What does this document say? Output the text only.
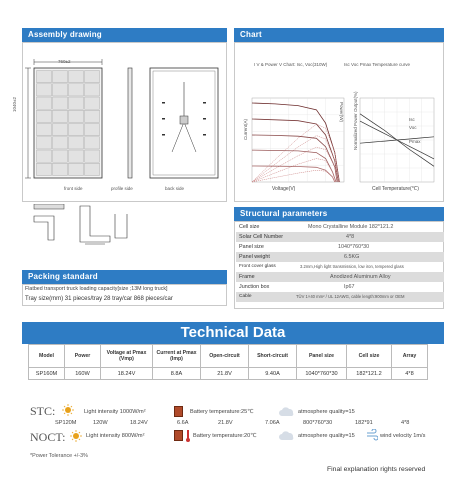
Assembly drawing
760±2
1040±2
front side	profile side	back side
Chart
I V & Power V Chart: Isc, Voc(310W)	Isc Voc Pmax Temperature curve
Current(A)
Power(W)
Voltage(V)
Normalized Power Output(%)
Cell Temperature(℃)
Isc
Voc
Pmax
Structural parameters
Cell size	Mono Crystalline Module 182*121.2
Solar Cell Number	4*8
Panel size	1040*760*30
Panel weight	6.5KG
Front cover glass	3.2mm,High light transmission, low iron, tempered glass
Frame	Anodized Aluminum Alloy
Junction box	Ip67
Cable	TÜV 1×40 mm² / UL 12AWG, cable length:900mm or OEM
Packing standard
Flatbed transport truck loading capacity[size ;13M long truck]
Tray size(mm) 31 pieces/tray 28 tray/car 868 pieces/car
Technical Data
Model	Power	Voltage at Pmax (Vmp)	Current at Pmax (Imp)	Open-circuit	Short-circuit	Panel size	Cell size	Array
SP160M	160W	18.24V	8.8A	21.8V	9.40A	1040*760*30	182*121.2	4*8
STC:	Light intensity 1000W/m²	Battery temperature:25℃	atmosphere quality=15
SP120M	120W	18.24V	6.6A	21.8V	7.06A	800*760*30	182*91	4*8
NOCT:	Light intensity 800W/m²	Battery temperature:20℃	atmosphere quality=15	wind velocity 1m/s
*Power Tolerance +/-3%
Final explanation rights reserved
